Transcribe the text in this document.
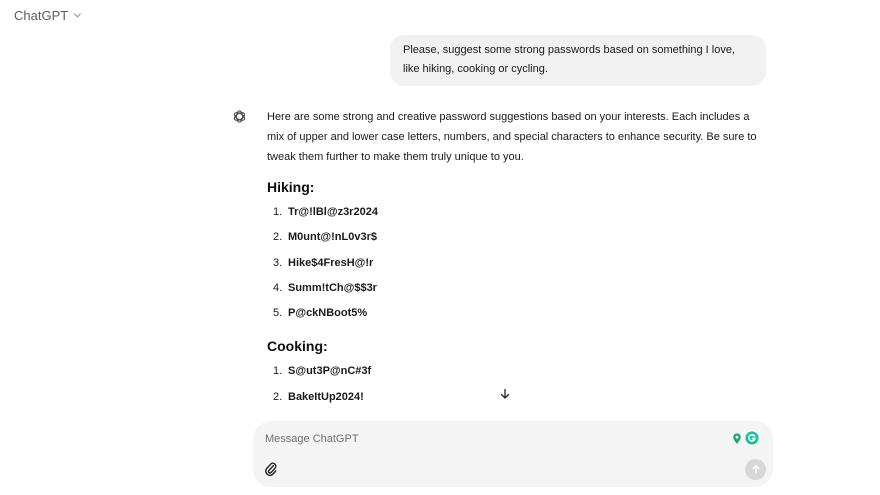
ChatGPT
Please, suggest some strong passwords based on something I love, like hiking, cooking or cycling.

Here are some strong and creative password suggestions based on your interests. Each includes a mix of upper and lower case letters, numbers, and special characters to enhance security. Be sure to tweak them further to make them truly unique to you.

Hiking:
1. Tr@!lBl@z3r2024
2. M0unt@!nL0v3r$
3. Hike$4FresH@!r
4. Summ!tCh@$$3r
5. P@ckNBoot5%
Cooking:
1. S@ut3P@nC#3f
2. BakeItUp2024!
Message ChatGPT
